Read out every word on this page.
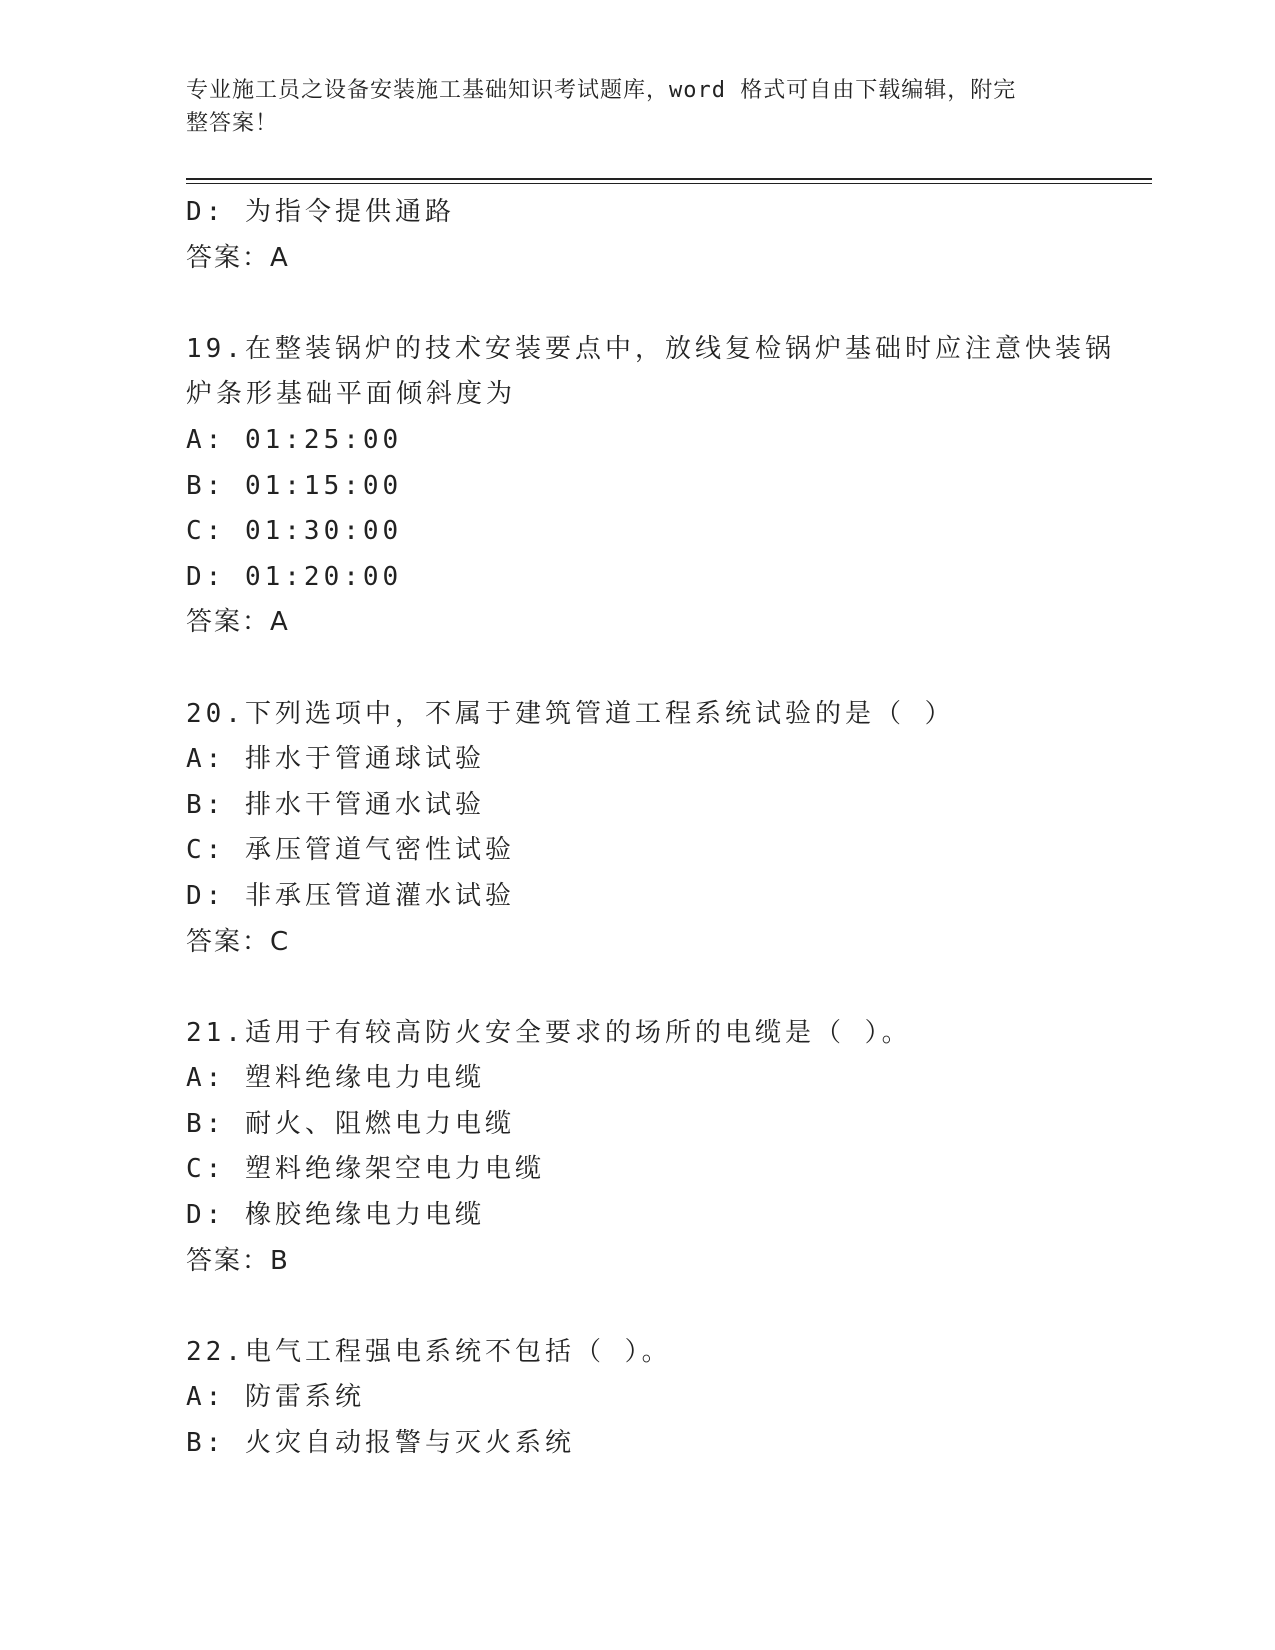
专业施工员之设备安装施工基础知识考试题库，word 格式可自由下载编辑，附完
整答案！
D: 为指令提供通路
答案：A
19.在整装锅炉的技术安装要点中，放线复检锅炉基础时应注意快装锅
炉条形基础平面倾斜度为
A: 01:25:00
B: 01:15:00
C: 01:30:00
D: 01:20:00
答案：A
20.下列选项中，不属于建筑管道工程系统试验的是（ ）
A: 排水于管通球试验
B: 排水干管通水试验
C: 承压管道气密性试验
D: 非承压管道灌水试验
答案：C
21.适用于有较高防火安全要求的场所的电缆是（ ）。
A: 塑料绝缘电力电缆
B: 耐火、阻燃电力电缆
C: 塑料绝缘架空电力电缆
D: 橡胶绝缘电力电缆
答案：B
22.电气工程强电系统不包括（ ）。
A: 防雷系统
B: 火灾自动报警与灭火系统
